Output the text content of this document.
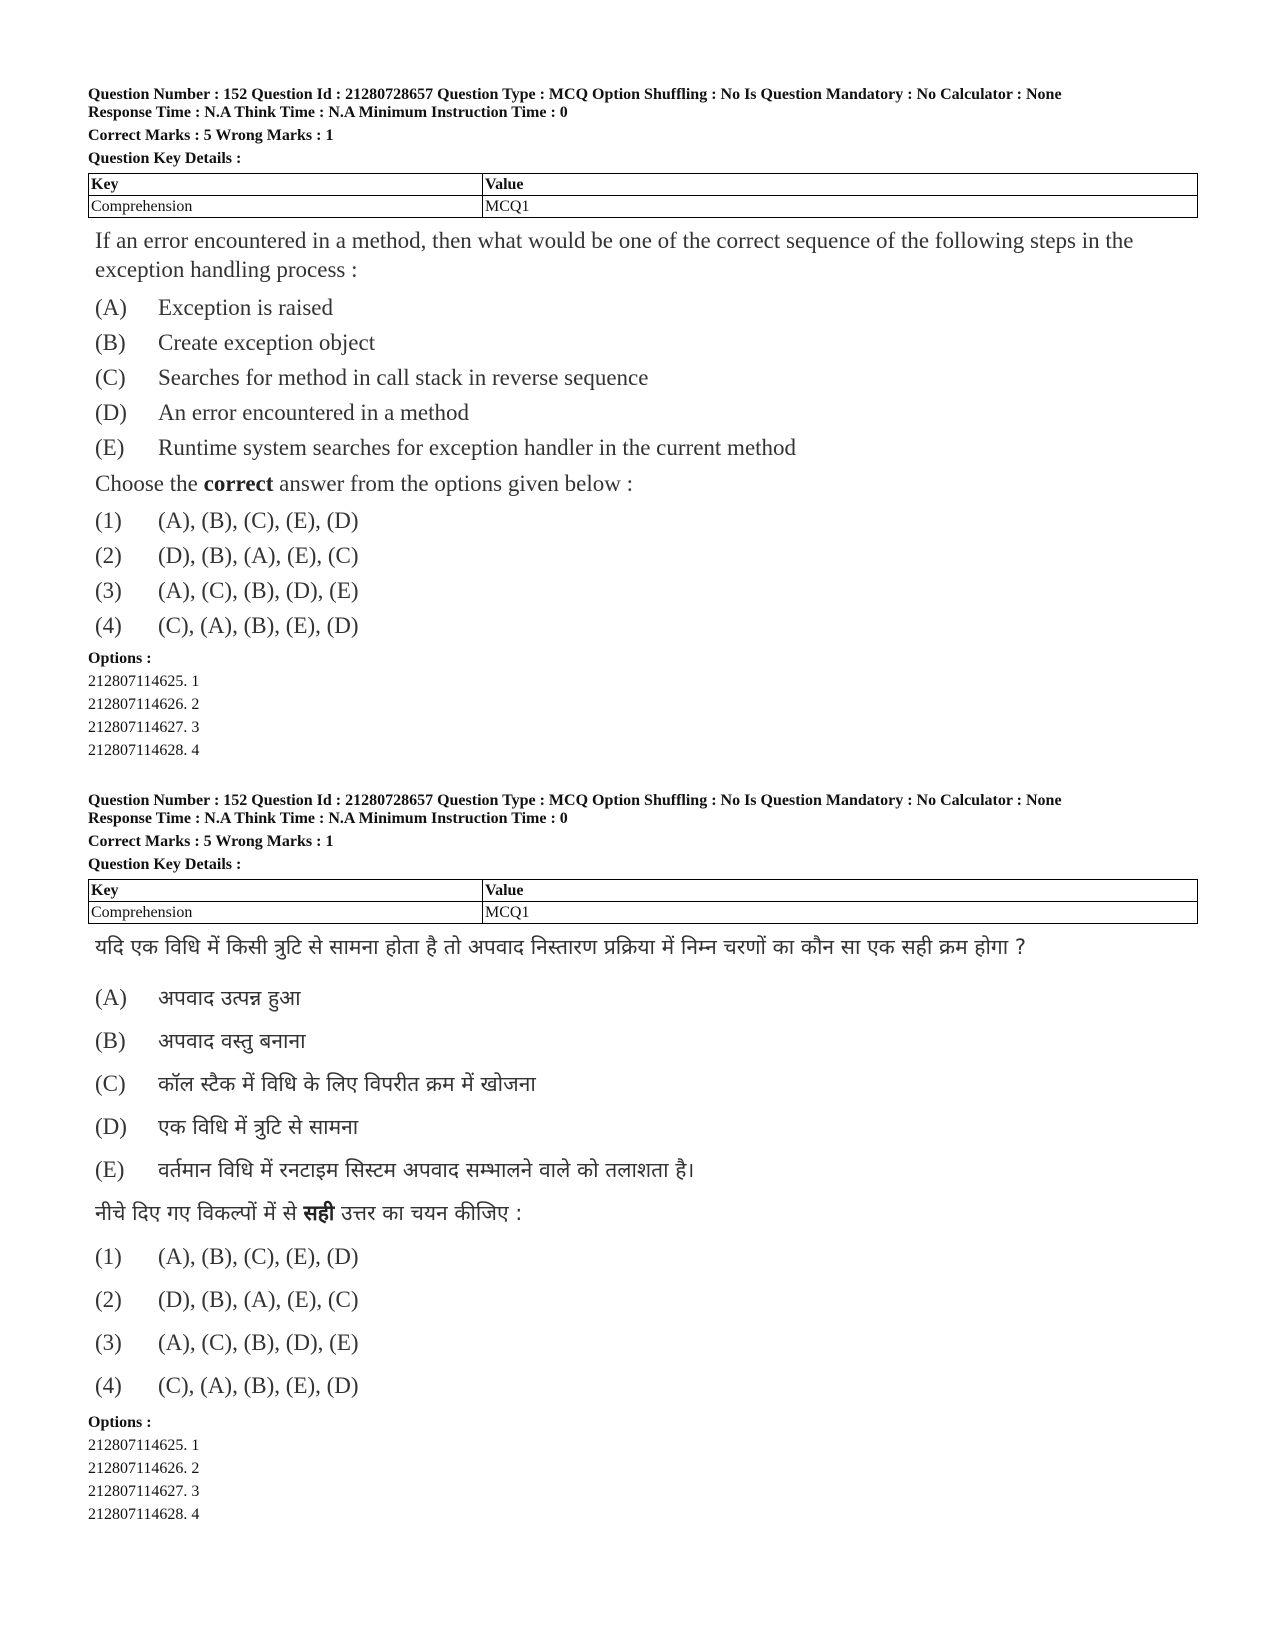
Question Number : 152 Question Id : 21280728657 Question Type : MCQ Option Shuffling : No Is Question Mandatory : No Calculator : None
Response Time : N.A Think Time : N.A Minimum Instruction Time : 0
Correct Marks : 5 Wrong Marks : 1
Question Key Details :
Key	Value
Comprehension	MCQ1
If an error encountered in a method, then what would be one of the correct sequence of the following steps in the exception handling process :
(A)	Exception is raised
(B)	Create exception object
(C)	Searches for method in call stack in reverse sequence
(D)	An error encountered in a method
(E)	Runtime system searches for exception handler in the current method
Choose the
correct
answer from the options given below :
(1)	(A), (B), (C), (E), (D)
(2)	(D), (B), (A), (E), (C)
(3)	(A), (C), (B), (D), (E)
(4)	(C), (A), (B), (E), (D)
Options :
212807114625. 1
212807114626. 2
212807114627. 3
212807114628. 4
Question Number : 152 Question Id : 21280728657 Question Type : MCQ Option Shuffling : No Is Question Mandatory : No Calculator : None
Response Time : N.A Think Time : N.A Minimum Instruction Time : 0
Correct Marks : 5 Wrong Marks : 1
Question Key Details :
Key	Value
Comprehension	MCQ1
यदि एक विधि में किसी त्रुटि से सामना होता है तो अपवाद निस्तारण प्रक्रिया में निम्न चरणों का कौन सा एक सही क्रम होगा ?
(A)	अपवाद उत्पन्न हुआ
(B)	अपवाद वस्तु बनाना
(C)	कॉल स्टैक में विधि के लिए विपरीत क्रम में खोजना
(D)	एक विधि में त्रुटि से सामना
(E)	वर्तमान विधि में रनटाइम सिस्टम अपवाद सम्भालने वाले को तलाशता है।
नीचे दिए गए विकल्पों में से
सही
उत्तर का चयन कीजिए :
(1)	(A), (B), (C), (E), (D)
(2)	(D), (B), (A), (E), (C)
(3)	(A), (C), (B), (D), (E)
(4)	(C), (A), (B), (E), (D)
Options :
212807114625. 1
212807114626. 2
212807114627. 3
212807114628. 4
